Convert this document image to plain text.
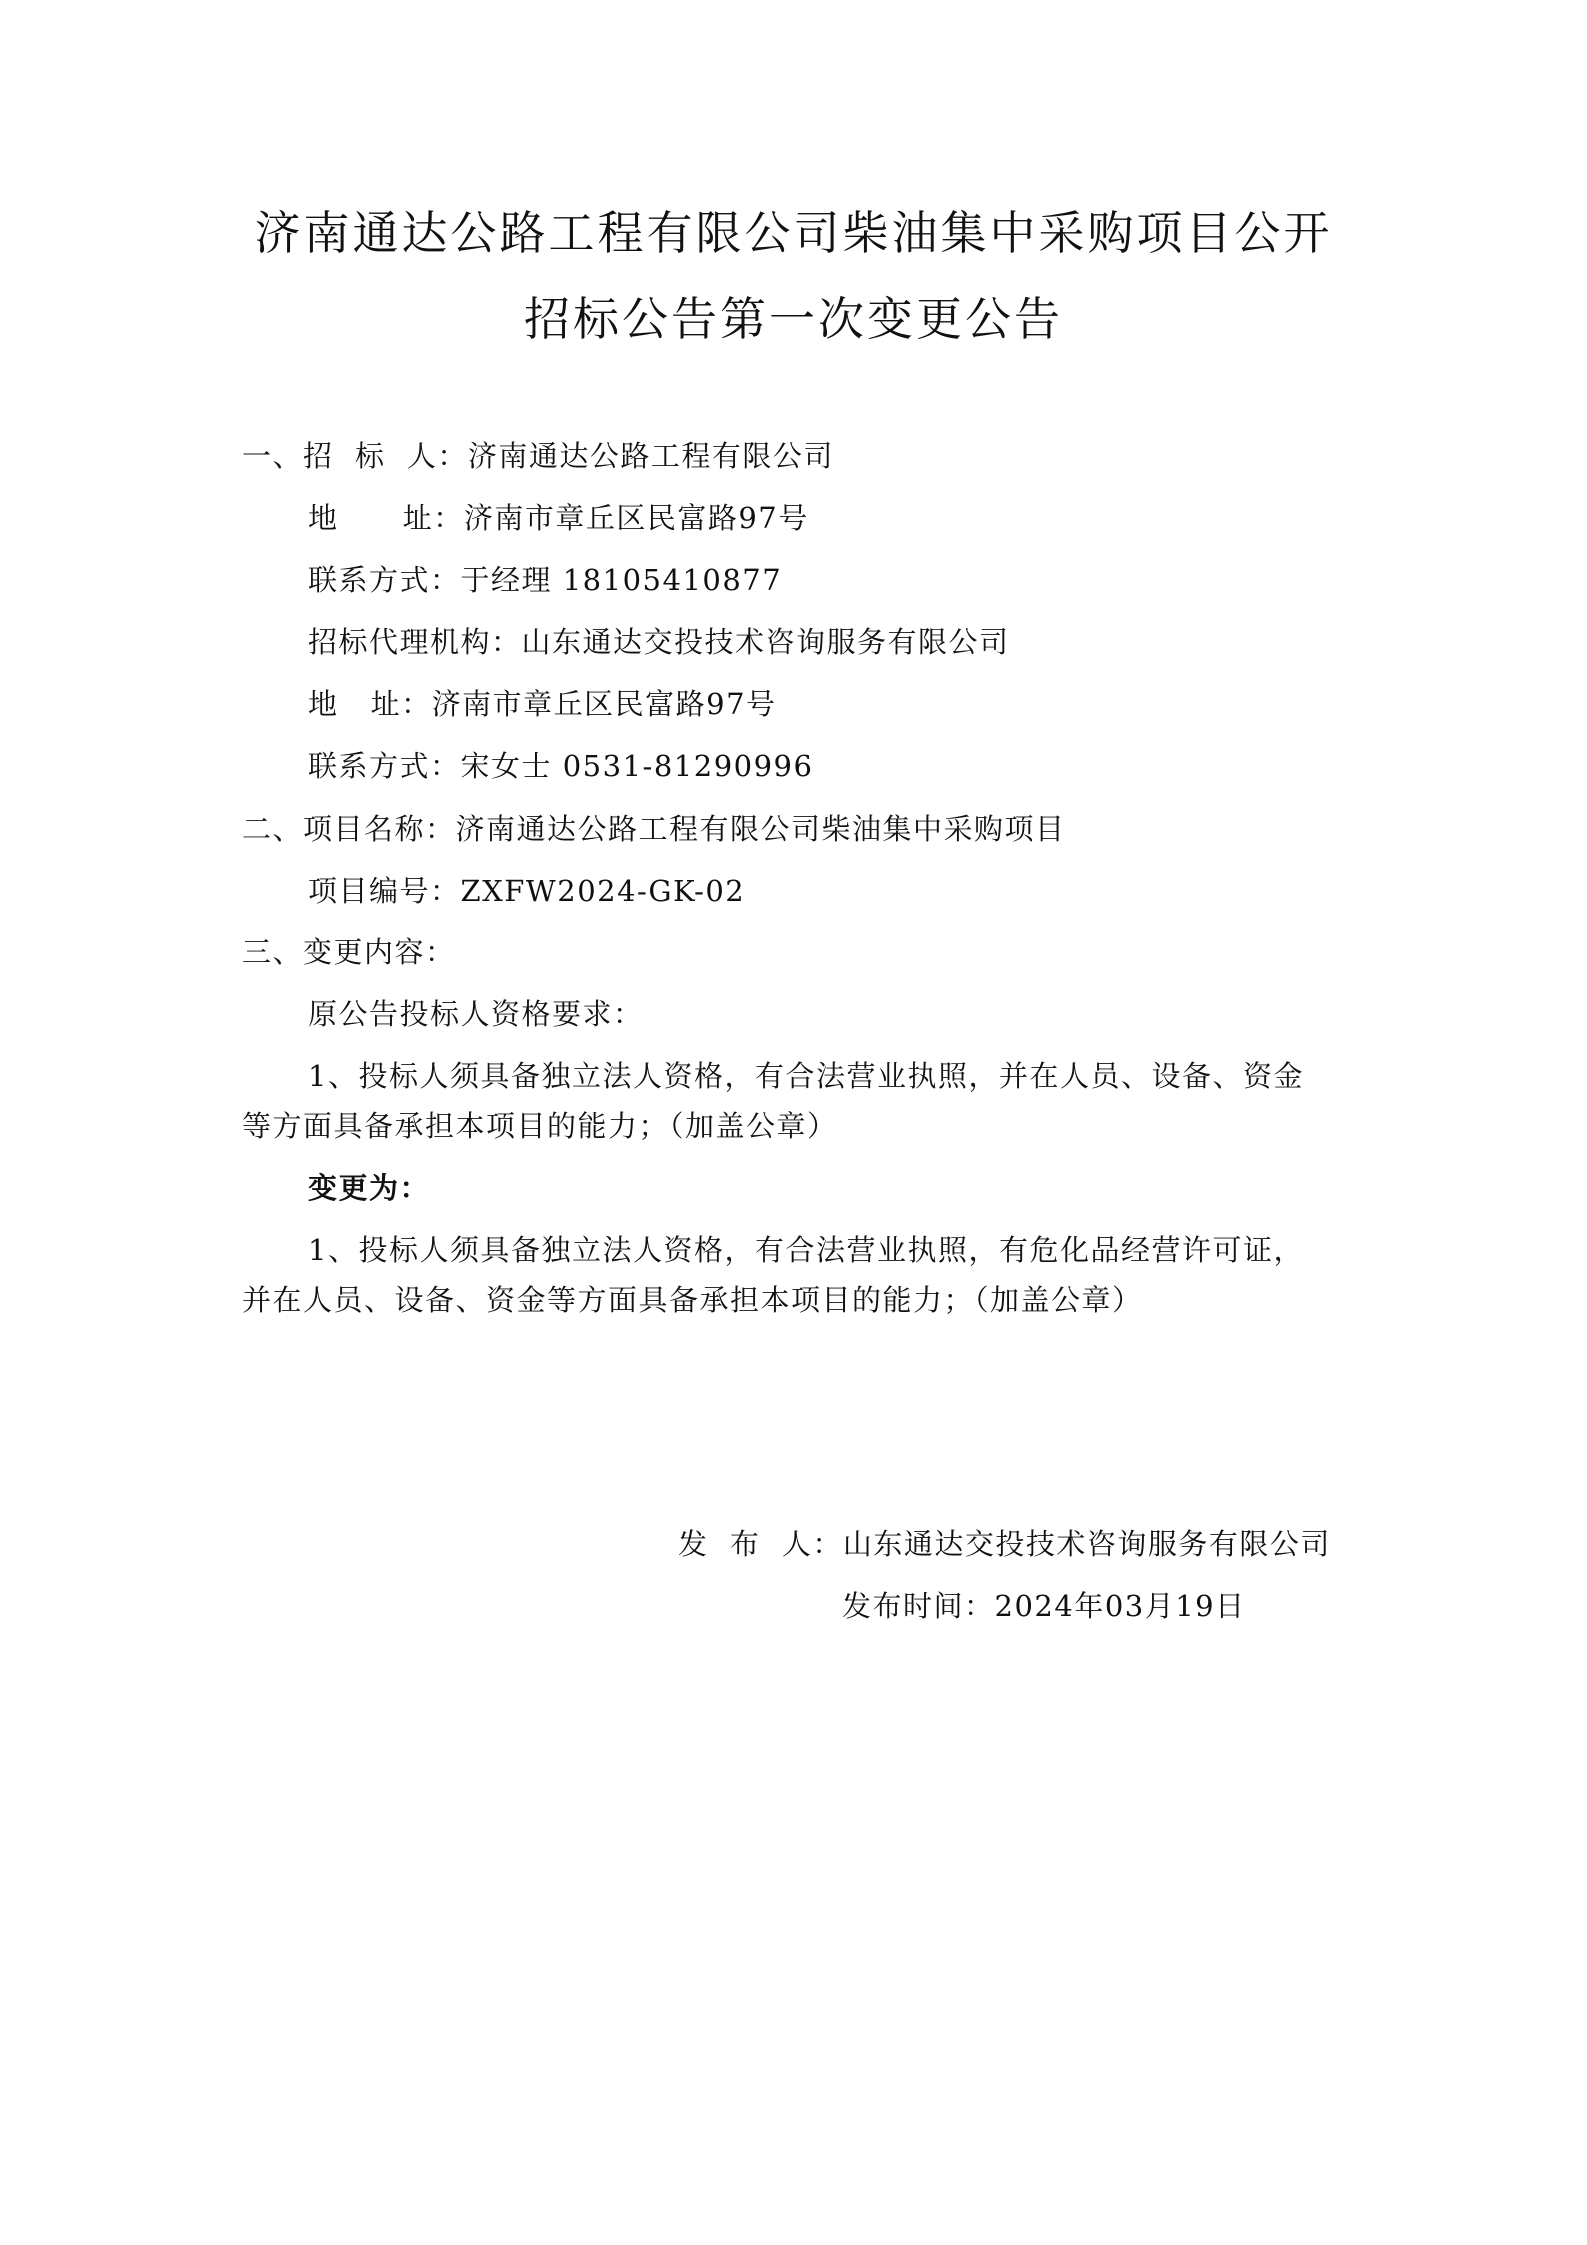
济南通达公路工程有限公司柴油集中采购项目公开
招标公告第一次变更公告
一、招  标  人：济南通达公路工程有限公司
地      址：济南市章丘区民富路97号
联系方式：于经理 18105410877
招标代理机构：山东通达交投技术咨询服务有限公司
地   址：济南市章丘区民富路97号
联系方式：宋女士 0531-81290996
二、项目名称：济南通达公路工程有限公司柴油集中采购项目
项目编号：ZXFW2024-GK-02
三、变更内容：
原公告投标人资格要求：
1、投标人须具备独立法人资格，有合法营业执照，并在人员、设备、资金
等方面具备承担本项目的能力；（加盖公章）
变更为：
1、投标人须具备独立法人资格，有合法营业执照，有危化品经营许可证，
并在人员、设备、资金等方面具备承担本项目的能力；（加盖公章）
发  布  人：山东通达交投技术咨询服务有限公司
发布时间：2024年03月19日
